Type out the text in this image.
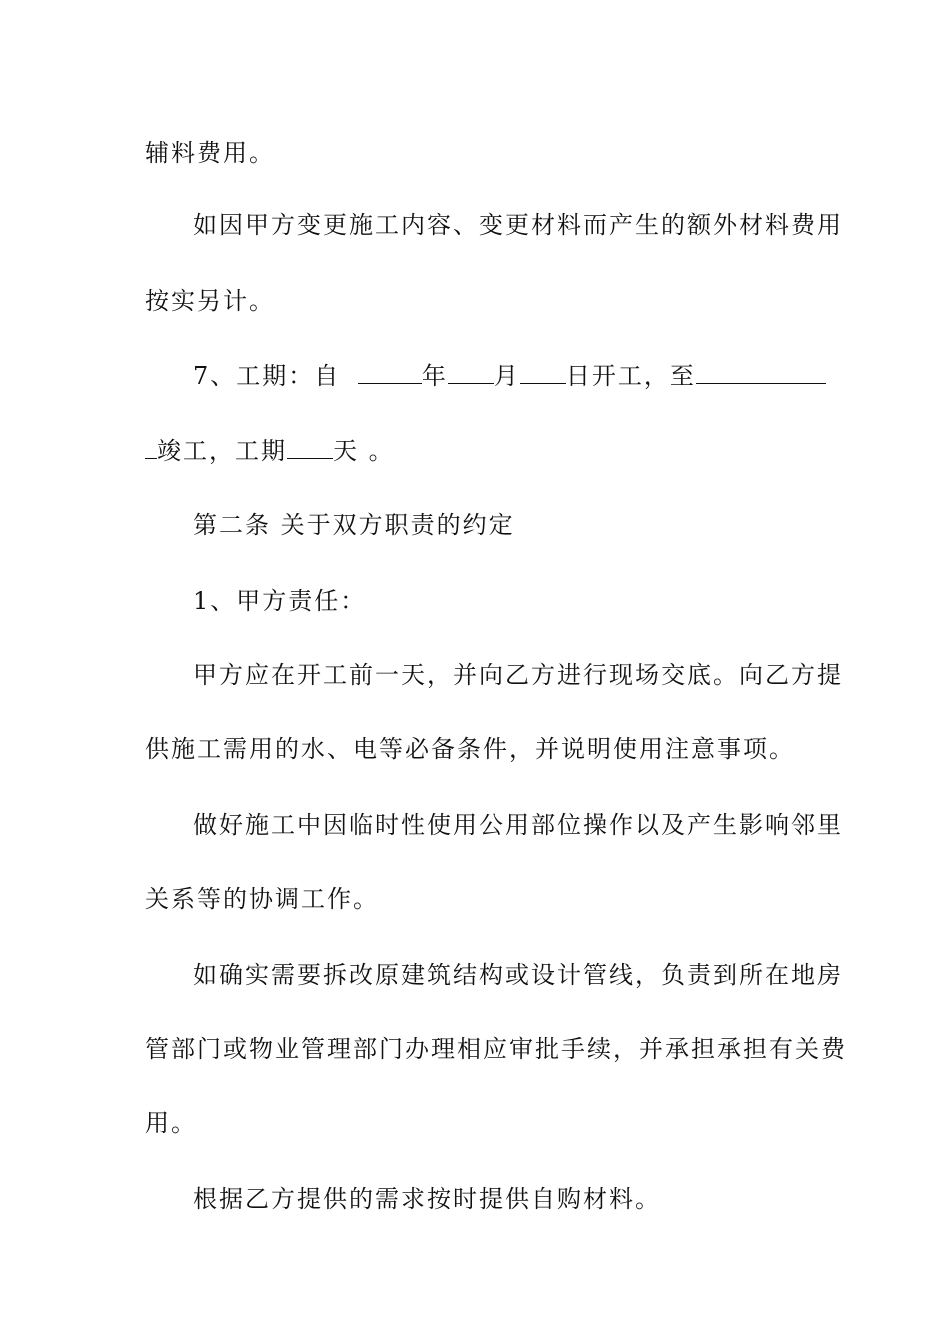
辅料费用。
如因甲方变更施工内容、变更材料而产生的额外材料费用
按实另计。
7、工期：自	年 月 日开工，至
竣工，工期 天 。
第二条 关于双方职责的约定
1、甲方责任：
甲方应在开工前一天，并向乙方进行现场交底。向乙方提
供施工需用的水、电等必备条件，并说明使用注意事项。
做好施工中因临时性使用公用部位操作以及产生影响邻里
关系等的协调工作。
如确实需要拆改原建筑结构或设计管线，负责到所在地房
管部门或物业管理部门办理相应审批手续，并承担承担有关费
用。
根据乙方提供的需求按时提供自购材料。
